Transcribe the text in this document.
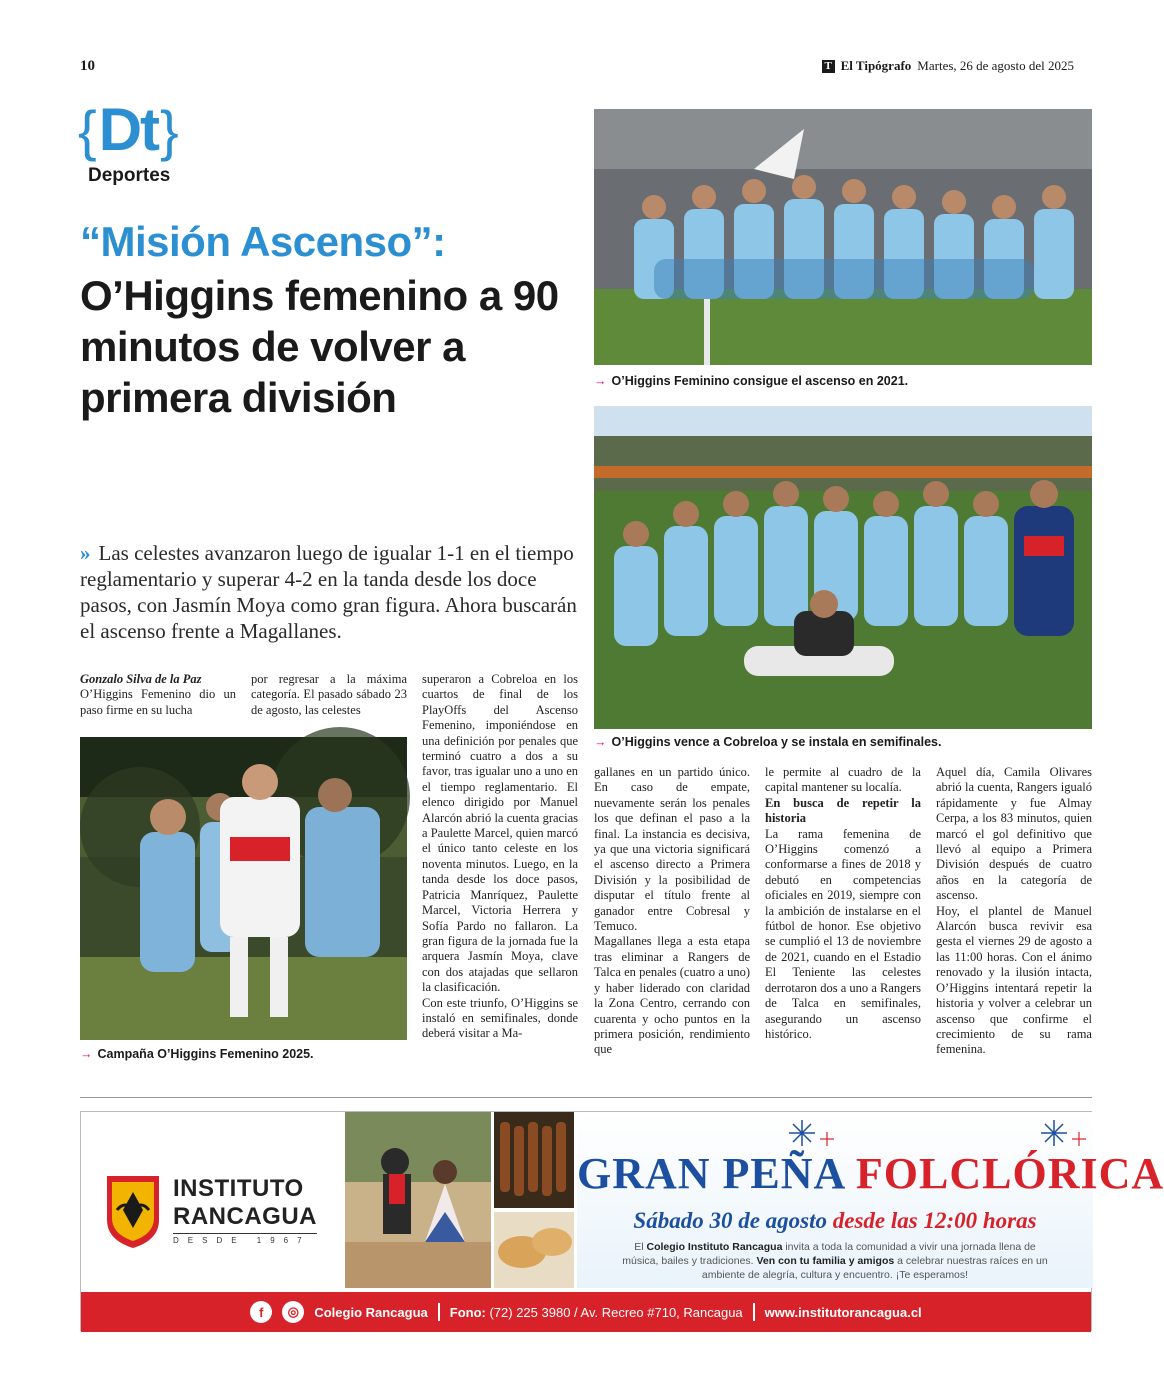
10	T El Tipógrafo Martes, 26 de agosto del 2025
{ Dt }
Deportes
“Misión Ascenso”:
O’Higgins femenino a 90 minutos de volver a primera división
» Las celestes avanzaron luego de igualar 1-1 en el tiempo reglamentario y superar 4-2 en la tanda desde los doce pasos, con Jasmín Moya como gran figura. Ahora buscarán el ascenso frente a Magallanes.

Gonzalo Silva de la Paz

O’Higgins Femenino dio un paso firme en su lucha

por regresar a la máxima categoría. El pasado sábado 23 de agosto, las celestes

superaron a Cobreloa en los cuartos de final de los PlayOffs del Ascenso Femenino, imponiéndose en una definición por penales que terminó cuatro a dos a su favor, tras igualar uno a uno en el tiempo reglamentario. El elenco dirigido por Manuel Alarcón abrió la cuenta gracias a Paulette Marcel, quien marcó el único tanto celeste en los noventa minutos. Luego, en la tanda desde los doce pasos, Patricia Manríquez, Paulette Marcel, Victoria Herrera y Sofía Pardo no fallaron. La gran figura de la jornada fue la arquera Jasmín Moya, clave con dos atajadas que sellaron la clasificación.

Con este triunfo, O’Higgins se instaló en semifinales, donde deberá visitar a Ma-

→ Campaña O’Higgins Femenino 2025.
→ O’Higgins Feminino consigue el ascenso en 2021.
→ O’Higgins vence a Cobreloa y se instala en semifinales.

gallanes en un partido único. En caso de empate, nuevamente serán los penales los que definan el paso a la final. La instancia es decisiva, ya que una victoria significará el ascenso directo a Primera División y la posibilidad de disputar el título frente al ganador entre Cobresal y Temuco.

Magallanes llega a esta etapa tras eliminar a Rangers de Talca en penales (cuatro a uno) y haber liderado con claridad la Zona Centro, cerrando con cuarenta y ocho puntos en la primera posición, rendimiento que

le permite al cuadro de la capital mantener su localía.

En busca de repetir la historia

La rama femenina de O’Higgins comenzó a conformarse a fines de 2018 y debutó en competencias oficiales en 2019, siempre con la ambición de instalarse en el fútbol de honor. Ese objetivo se cumplió el 13 de noviembre de 2021, cuando en el Estadio El Teniente las celestes derrotaron dos a uno a Rangers de Talca en semifinales, asegurando un ascenso histórico.

Aquel día, Camila Olivares abrió la cuenta, Rangers igualó rápidamente y fue Almay Cerpa, a los 83 minutos, quien marcó el gol definitivo que llevó al equipo a Primera División después de cuatro años en la categoría de ascenso.

Hoy, el plantel de Manuel Alarcón busca revivir esa gesta el viernes 29 de agosto a las 11:00 horas. Con el ánimo renovado y la ilusión intacta, O’Higgins intentará repetir la historia y volver a celebrar un ascenso que confirme el crecimiento de su rama femenina.

INSTITUTO
RANCAGUA
DESDE 1967
GRAN PEÑA FOLCLÓRICA
Sábado 30 de agosto desde las 12:00 horas
El Colegio Instituto Rancagua invita a toda la comunidad a vivir una jornada llena de música, bailes y tradiciones. Ven con tu familia y amigos a celebrar nuestras raíces en un ambiente de alegría, cultura y encuentro. ¡Te esperamos!
f	◎	Colegio Rancagua Fono: (72) 225 3980 / Av. Recreo #710, Rancagua www.institutorancagua.cl
